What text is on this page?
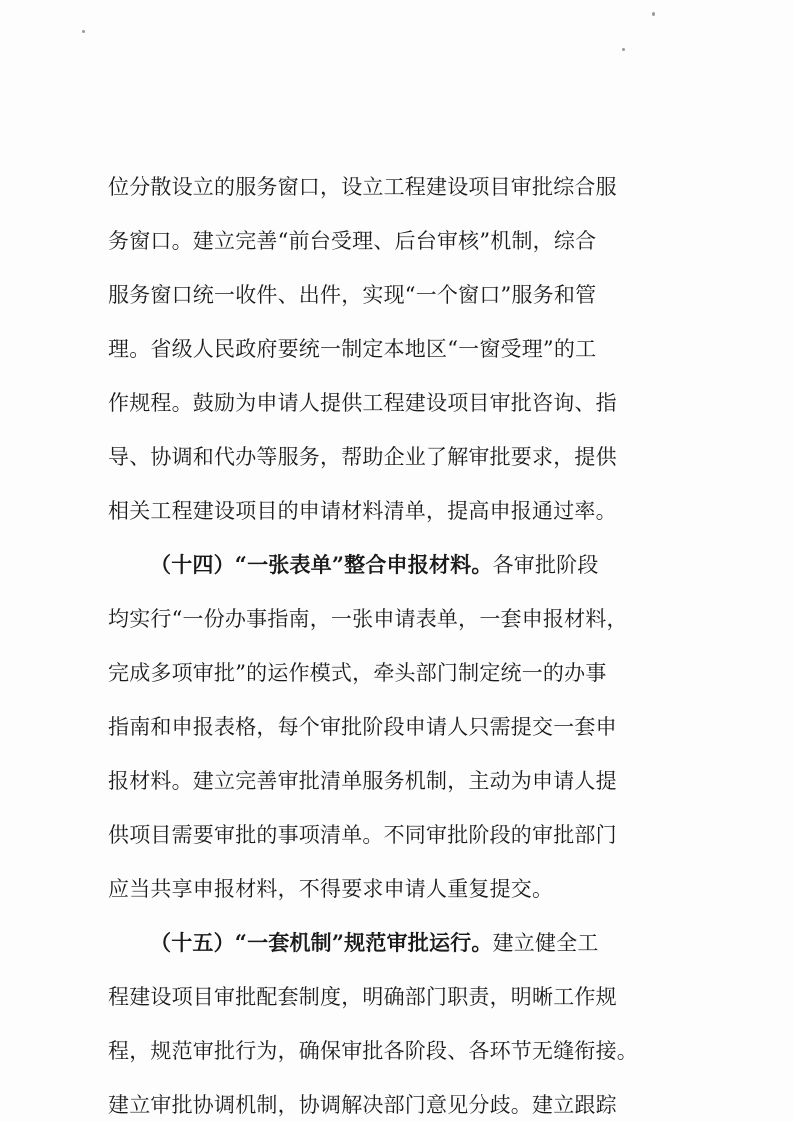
位分散设立的服务窗口，设立工程建设项目审批综合服
务窗口。建立完善“前台受理、后台审核”机制，综合
服务窗口统一收件、出件，实现“一个窗口”服务和管
理。省级人民政府要统一制定本地区“一窗受理”的工
作规程。鼓励为申请人提供工程建设项目审批咨询、指
导、协调和代办等服务，帮助企业了解审批要求，提供
相关工程建设项目的申请材料清单，提高申报通过率。
（十四）“一张表单”整合申报材料。各审批阶段
均实行“一份办事指南，一张申请表单，一套申报材料，
完成多项审批”的运作模式，牵头部门制定统一的办事
指南和申报表格，每个审批阶段申请人只需提交一套申
报材料。建立完善审批清单服务机制，主动为申请人提
供项目需要审批的事项清单。不同审批阶段的审批部门
应当共享申报材料，不得要求申请人重复提交。
（十五）“一套机制”规范审批运行。建立健全工
程建设项目审批配套制度，明确部门职责，明晰工作规
程，规范审批行为，确保审批各阶段、各环节无缝衔接。
建立审批协调机制，协调解决部门意见分歧。建立跟踪
